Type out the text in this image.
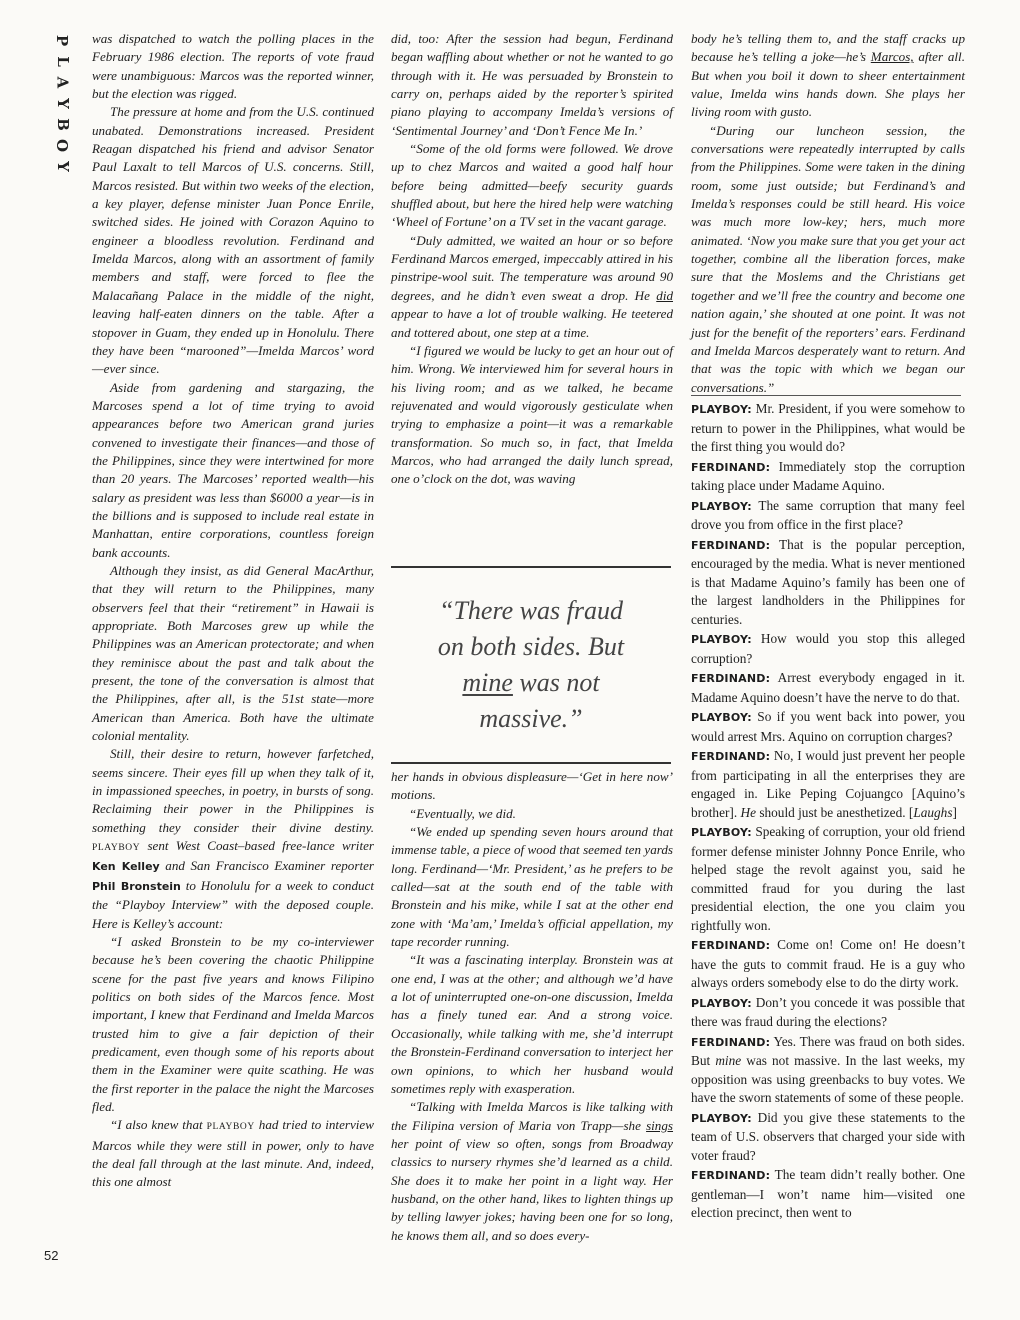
P
L
A
Y
B
O
Y
52

was dispatched to watch the polling places in the February 1986 election. The reports of vote fraud were unambiguous: Marcos was the reported winner, but the election was rigged.

The pressure at home and from the U.S. continued unabated. Demonstrations increased. President Reagan dispatched his friend and advisor Senator Paul Laxalt to tell Marcos of U.S. concerns. Still, Marcos resisted. But within two weeks of the election, a key player, defense minister Juan Ponce Enrile, switched sides. He joined with Corazon Aquino to engineer a bloodless revolution. Ferdinand and Imelda Marcos, along with an assortment of family members and staff, were forced to flee the Malacañang Palace in the middle of the night, leaving half-eaten dinners on the table. After a stopover in Guam, they ended up in Honolulu. There they have been “marooned”—Imelda Marcos’ word—ever since.

Aside from gardening and stargazing, the Marcoses spend a lot of time trying to avoid appearances before two American grand juries convened to investigate their finances—and those of the Philippines, since they were intertwined for more than 20 years. The Marcoses’ reported wealth—his salary as president was less than $6000 a year—is in the billions and is supposed to include real estate in Manhattan, entire corporations, countless foreign bank accounts.

Although they insist, as did General MacArthur, that they will return to the Philippines, many observers feel that their “retirement” in Hawaii is appropriate. Both Marcoses grew up while the Philippines was an American protectorate; and when they reminisce about the past and talk about the present, the tone of the conversation is almost that the Philippines, after all, is the 51st state—more American than America. Both have the ultimate colonial mentality.

Still, their desire to return, however farfetched, seems sincere. Their eyes fill up when they talk of it, in impassioned speeches, in poetry, in bursts of song. Reclaiming their power in the Philippines is something they consider their divine destiny. PLAYBOY sent West Coast–based free-lance writer Ken Kelley and San Francisco Examiner reporter Phil Bronstein to Honolulu for a week to conduct the “Playboy Interview” with the deposed couple. Here is Kelley’s account:

“I asked Bronstein to be my co-interviewer because he’s been covering the chaotic Philippine scene for the past five years and knows Filipino politics on both sides of the Marcos fence. Most important, I knew that Ferdinand and Imelda Marcos trusted him to give a fair depiction of their predicament, even though some of his reports about them in the Examiner were quite scathing. He was the first reporter in the palace the night the Marcoses fled.

“I also knew that PLAYBOY had tried to interview Marcos while they were still in power, only to have the deal fall through at the last minute. And, indeed, this one almost

did, too: After the session had begun, Ferdinand began waffling about whether or not he wanted to go through with it. He was persuaded by Bronstein to carry on, perhaps aided by the reporter’s spirited piano playing to accompany Imelda’s versions of ‘Sentimental Journey’ and ‘Don’t Fence Me In.’

“Some of the old forms were followed. We drove up to chez Marcos and waited a good half hour before being admitted—beefy security guards shuffled about, but here the hired help were watching ‘Wheel of Fortune’ on a TV set in the vacant garage.

“Duly admitted, we waited an hour or so before Ferdinand Marcos emerged, impeccably attired in his pinstripe-wool suit. The temperature was around 90 degrees, and he didn’t even sweat a drop. He did appear to have a lot of trouble walking. He teetered and tottered about, one step at a time.

“I figured we would be lucky to get an hour out of him. Wrong. We interviewed him for several hours in his living room; and as we talked, he became rejuvenated and would vigorously gesticulate when trying to emphasize a point—it was a remarkable transformation. So much so, in fact, that Imelda Marcos, who had arranged the daily lunch spread, one o’clock on the dot, was waving

“There was fraud on both sides. But mine was not massive.”

her hands in obvious displeasure—‘Get in here now’ motions.

“Eventually, we did.

“We ended up spending seven hours around that immense table, a piece of wood that seemed ten yards long. Ferdinand—‘Mr. President,’ as he prefers to be called—sat at the south end of the table with Bronstein and his mike, while I sat at the other end zone with ‘Ma’am,’ Imelda’s official appellation, my tape recorder running.

“It was a fascinating interplay. Bronstein was at one end, I was at the other; and although we’d have a lot of uninterrupted one-on-one discussion, Imelda has a finely tuned ear. And a strong voice. Occasionally, while talking with me, she’d interrupt the Bronstein-Ferdinand conversation to interject her own opinions, to which her husband would sometimes reply with exasperation.

“Talking with Imelda Marcos is like talking with the Filipina version of Maria von Trapp—she sings her point of view so often, songs from Broadway classics to nursery rhymes she’d learned as a child. She does it to make her point in a light way. Her husband, on the other hand, likes to lighten things up by telling lawyer jokes; having been one for so long, he knows them all, and so does every-

body he’s telling them to, and the staff cracks up because he’s telling a joke—he’s Marcos, after all. But when you boil it down to sheer entertainment value, Imelda wins hands down. She plays her living room with gusto.

“During our luncheon session, the conversations were repeatedly interrupted by calls from the Philippines. Some were taken in the dining room, some just outside; but Ferdinand’s and Imelda’s responses could be still heard. His voice was much more low-key; hers, much more animated. ‘Now you make sure that you get your act together, combine all the liberation forces, make sure that the Moslems and the Christians get together and we’ll free the country and become one nation again,’ she shouted at one point. It was not just for the benefit of the reporters’ ears. Ferdinand and Imelda Marcos desperately want to return. And that was the topic with which we began our conversations.”

PLAYBOY: Mr. President, if you were somehow to return to power in the Philippines, what would be the first thing you would do?

FERDINAND: Immediately stop the corruption taking place under Madame Aquino.

PLAYBOY: The same corruption that many feel drove you from office in the first place?

FERDINAND: That is the popular perception, encouraged by the media. What is never mentioned is that Madame Aquino’s family has been one of the largest landholders in the Philippines for centuries.

PLAYBOY: How would you stop this alleged corruption?

FERDINAND: Arrest everybody engaged in it. Madame Aquino doesn’t have the nerve to do that.

PLAYBOY: So if you went back into power, you would arrest Mrs. Aquino on corruption charges?

FERDINAND: No, I would just prevent her people from participating in all the enterprises they are engaged in. Like Peping Cojuangco [Aquino’s brother]. He should just be anesthetized. [Laughs]

PLAYBOY: Speaking of corruption, your old friend former defense minister Johnny Ponce Enrile, who helped stage the revolt against you, said he committed fraud for you during the last presidential election, the one you claim you rightfully won.

FERDINAND: Come on! Come on! He doesn’t have the guts to commit fraud. He is a guy who always orders somebody else to do the dirty work.

PLAYBOY: Don’t you concede it was possible that there was fraud during the elections?

FERDINAND: Yes. There was fraud on both sides. But mine was not massive. In the last weeks, my opposition was using greenbacks to buy votes. We have the sworn statements of some of these people.

PLAYBOY: Did you give these statements to the team of U.S. observers that charged your side with voter fraud?

FERDINAND: The team didn’t really bother. One gentleman—I won’t name him—visited one election precinct, then went to
